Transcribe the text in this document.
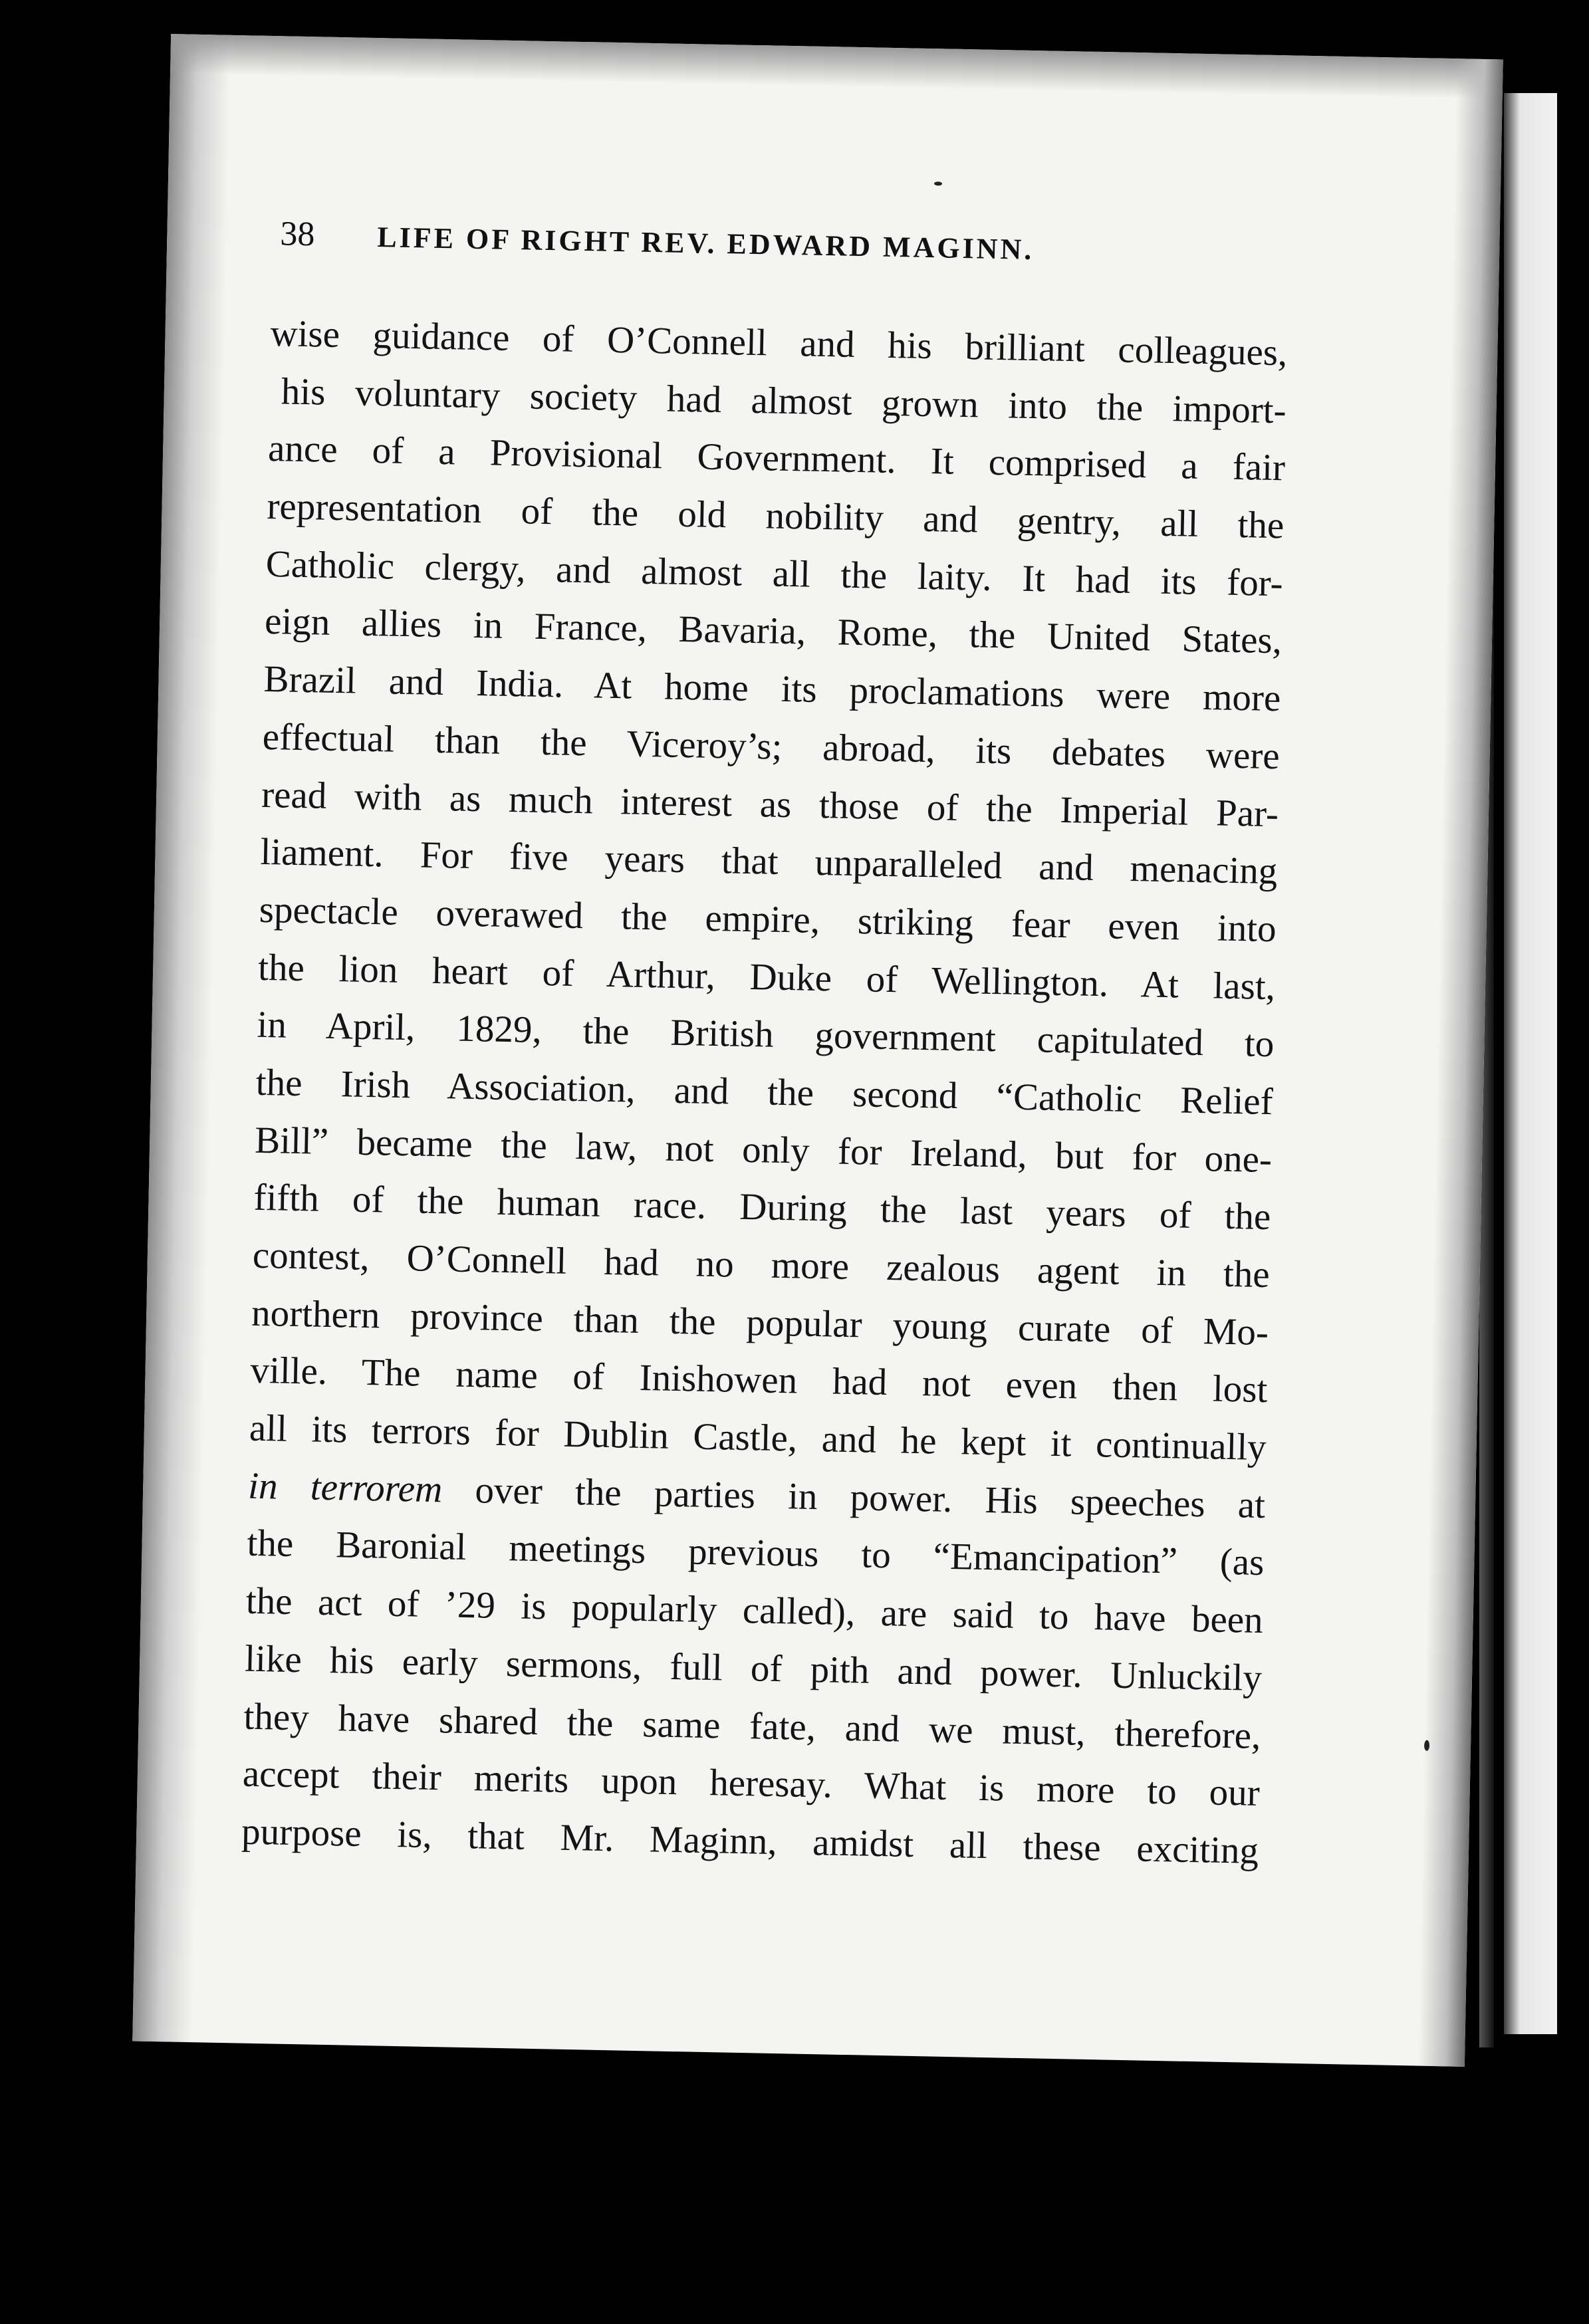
38 LIFE OF RIGHT REV. EDWARD MAGINN.
wise guidance of O’Connell and his brilliant colleagues,
his voluntary society had almost grown into the import-
ance of a Provisional Government. It comprised a fair
representation of the old nobility and gentry, all the
Catholic clergy, and almost all the laity. It had its for-
eign allies in France, Bavaria, Rome, the United States,
Brazil and India. At home its proclamations were more
effectual than the Viceroy’s; abroad, its debates were
read with as much interest as those of the Imperial Par-
liament. For five years that unparalleled and menacing
spectacle overawed the empire, striking fear even into
the lion heart of Arthur, Duke of Wellington. At last,
in April, 1829, the British government capitulated to
the Irish Association, and the second “Catholic Relief
Bill” became the law, not only for Ireland, but for one-
fifth of the human race. During the last years of the
contest, O’Connell had no more zealous agent in the
northern province than the popular young curate of Mo-
ville. The name of Inishowen had not even then lost
all its terrors for Dublin Castle, and he kept it continually
in terrorem over the parties in power. His speeches at
the Baronial meetings previous to “Emancipation” (as
the act of ’29 is popularly called), are said to have been
like his early sermons, full of pith and power. Unluckily
they have shared the same fate, and we must, therefore,
accept their merits upon heresay. What is more to our
purpose is, that Mr. Maginn, amidst all these exciting
